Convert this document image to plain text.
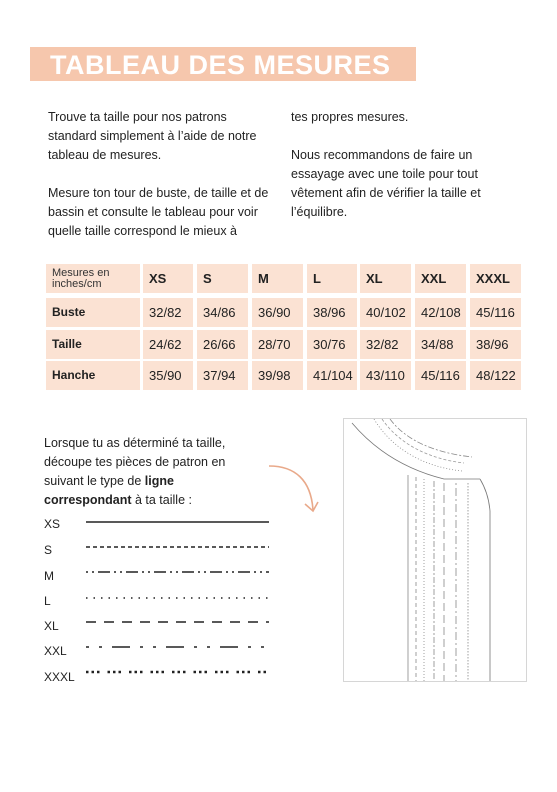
TABLEAU DES MESURES

Trouve ta taille pour nos patrons standard simplement à l’aide de notre tableau de mesures.

Mesure ton tour de buste, de taille et de bassin et consulte le tableau pour voir quelle taille correspond le mieux à

tes propres mesures.

Nous recommandons de faire un essayage avec une toile pour tout vêtement afin de vérifier la taille et l’équilibre.

Mesures en inches/cm	XS	S	M	L	XL	XXL	XXXL
Buste	32/82	34/86	36/90	38/96	40/102	42/108	45/116
Taille	24/62	26/66	28/70	30/76	32/82	34/88	38/96
Hanche	35/90	37/94	39/98	41/104	43/110	45/116	48/122
Lorsque tu as déterminé ta taille, découpe tes pièces de patron en suivant le type de ligne correspondant à ta taille :
XS
S
M
L
XL
XXL
XXXL
